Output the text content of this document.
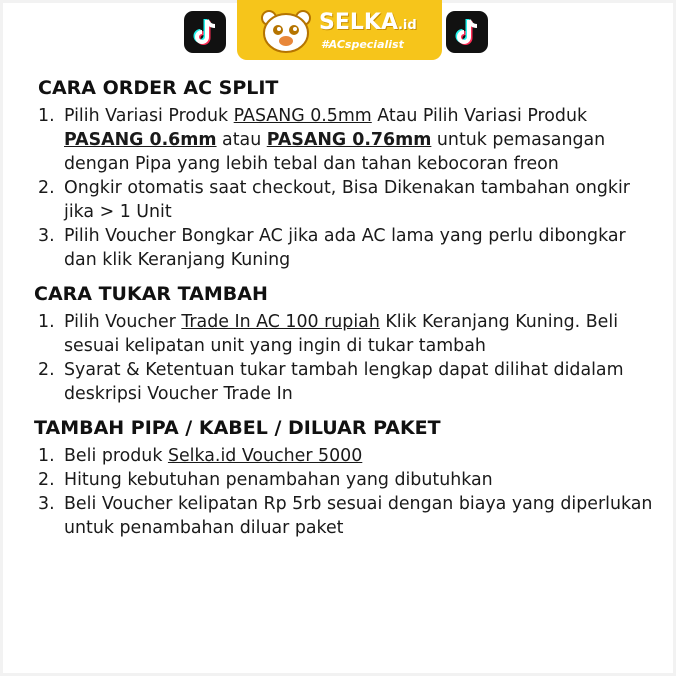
SELKA.id
#ACspecialist
CARA ORDER AC SPLIT
1. Pilih Variasi Produk PASANG 0.5mm Atau Pilih Variasi Produk PASANG 0.6mm atau PASANG 0.76mm untuk pemasangan dengan Pipa yang lebih tebal dan tahan kebocoran freon
2. Ongkir otomatis saat checkout, Bisa Dikenakan tambahan ongkir jika > 1 Unit
3. Pilih Voucher Bongkar AC jika ada AC lama yang perlu dibongkar dan klik Keranjang Kuning
CARA TUKAR TAMBAH
1. Pilih Voucher Trade In AC 100 rupiah Klik Keranjang Kuning. Beli sesuai kelipatan unit yang ingin di tukar tambah
2. Syarat & Ketentuan tukar tambah lengkap dapat dilihat didalam deskripsi Voucher Trade In
TAMBAH PIPA / KABEL / DILUAR PAKET
1. Beli produk Selka.id Voucher 5000
2. Hitung kebutuhan penambahan yang dibutuhkan
3. Beli Voucher kelipatan Rp 5rb sesuai dengan biaya yang diperlukan untuk penambahan diluar paket
